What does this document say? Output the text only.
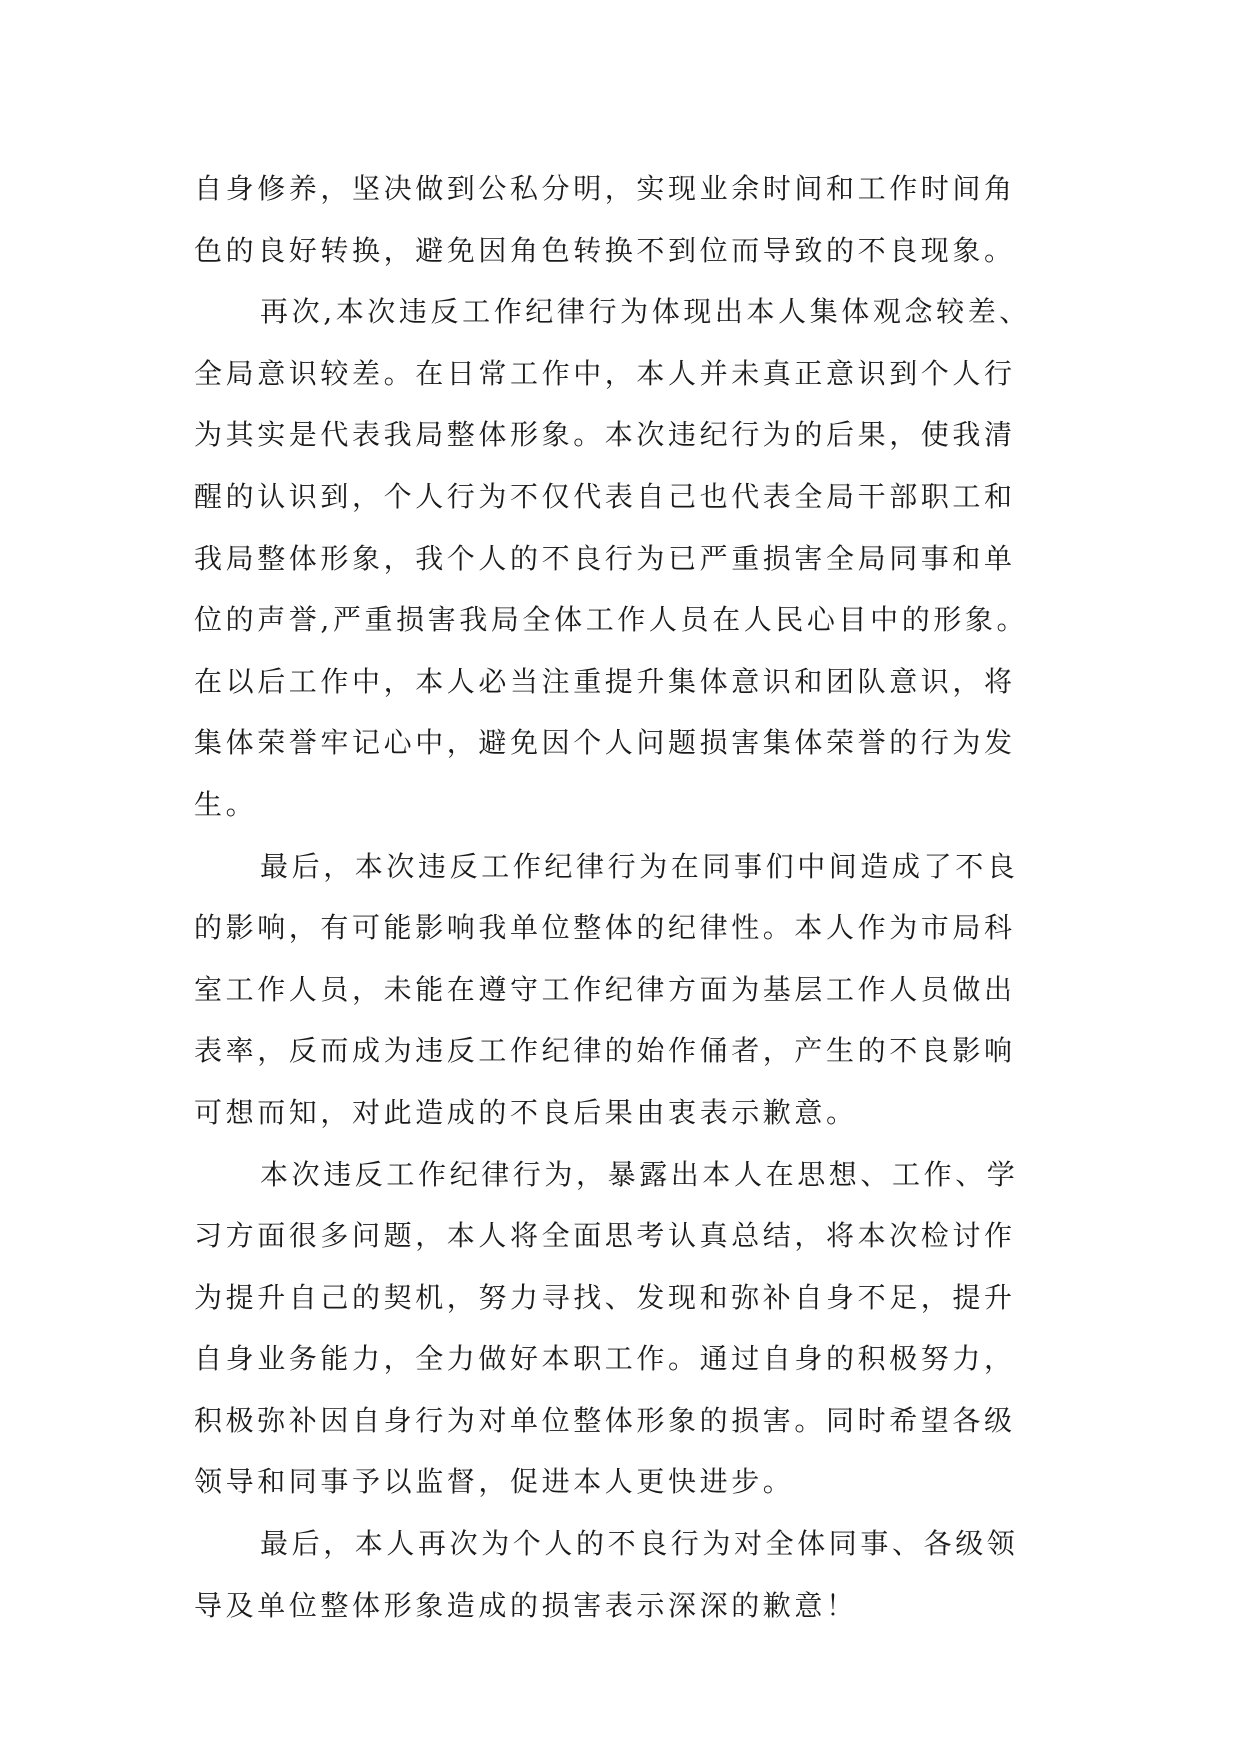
自身修养，坚决做到公私分明，实现业余时间和工作时间角
色的良好转换，避免因角色转换不到位而导致的不良现象。
再次,本次违反工作纪律行为体现出本人集体观念较差、
全局意识较差。在日常工作中，本人并未真正意识到个人行
为其实是代表我局整体形象。本次违纪行为的后果，使我清
醒的认识到，个人行为不仅代表自己也代表全局干部职工和
我局整体形象，我个人的不良行为已严重损害全局同事和单
位的声誉,严重损害我局全体工作人员在人民心目中的形象。
在以后工作中，本人必当注重提升集体意识和团队意识，将
集体荣誉牢记心中，避免因个人问题损害集体荣誉的行为发
生。
最后，本次违反工作纪律行为在同事们中间造成了不良
的影响，有可能影响我单位整体的纪律性。本人作为市局科
室工作人员，未能在遵守工作纪律方面为基层工作人员做出
表率，反而成为违反工作纪律的始作俑者，产生的不良影响
可想而知，对此造成的不良后果由衷表示歉意。
本次违反工作纪律行为，暴露出本人在思想、工作、学
习方面很多问题，本人将全面思考认真总结，将本次检讨作
为提升自己的契机，努力寻找、发现和弥补自身不足，提升
自身业务能力，全力做好本职工作。通过自身的积极努力，
积极弥补因自身行为对单位整体形象的损害。同时希望各级
领导和同事予以监督，促进本人更快进步。
最后，本人再次为个人的不良行为对全体同事、各级领
导及单位整体形象造成的损害表示深深的歉意！
